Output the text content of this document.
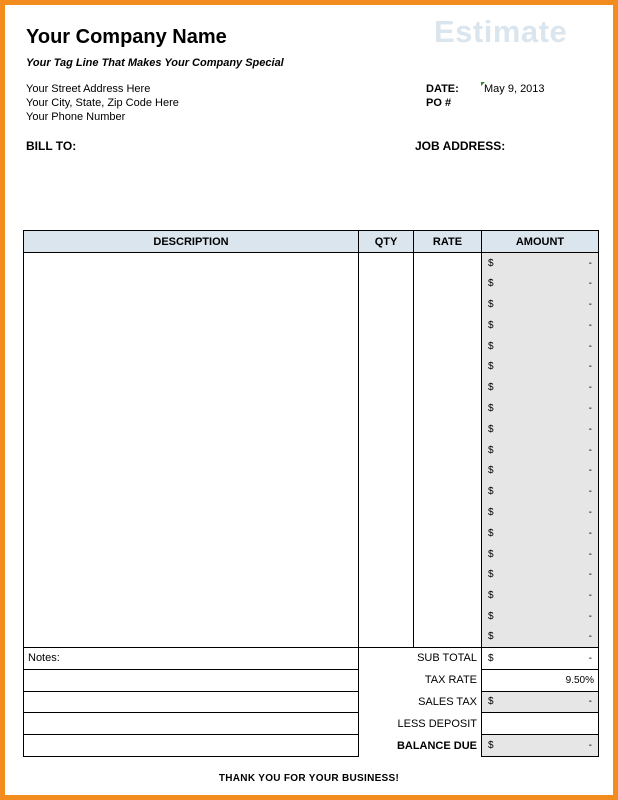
Your Company Name	Estimate
Your Tag Line That Makes Your Company Special
Your Street Address Here
Your City, State, Zip Code Here
Your Phone Number
DATE: May 9, 2013
PO #
BILL TO:	JOB ADDRESS:
DESCRIPTION	QTY	RATE	AMOUNT

			$ -

			$ -

			$ -

			$ -

			$ -

			$ -

			$ -

			$ -

			$ -

			$ -

			$ -

			$ -

			$ -

			$ -

			$ -

			$ -

			$ -

			$ -

			$ -
Notes:	SUB TOTAL	$ -

	TAX RATE	9.50%
	SALES TAX	$ -

	LESS DEPOSIT	
	BALANCE DUE	$ -
THANK YOU FOR YOUR BUSINESS!
